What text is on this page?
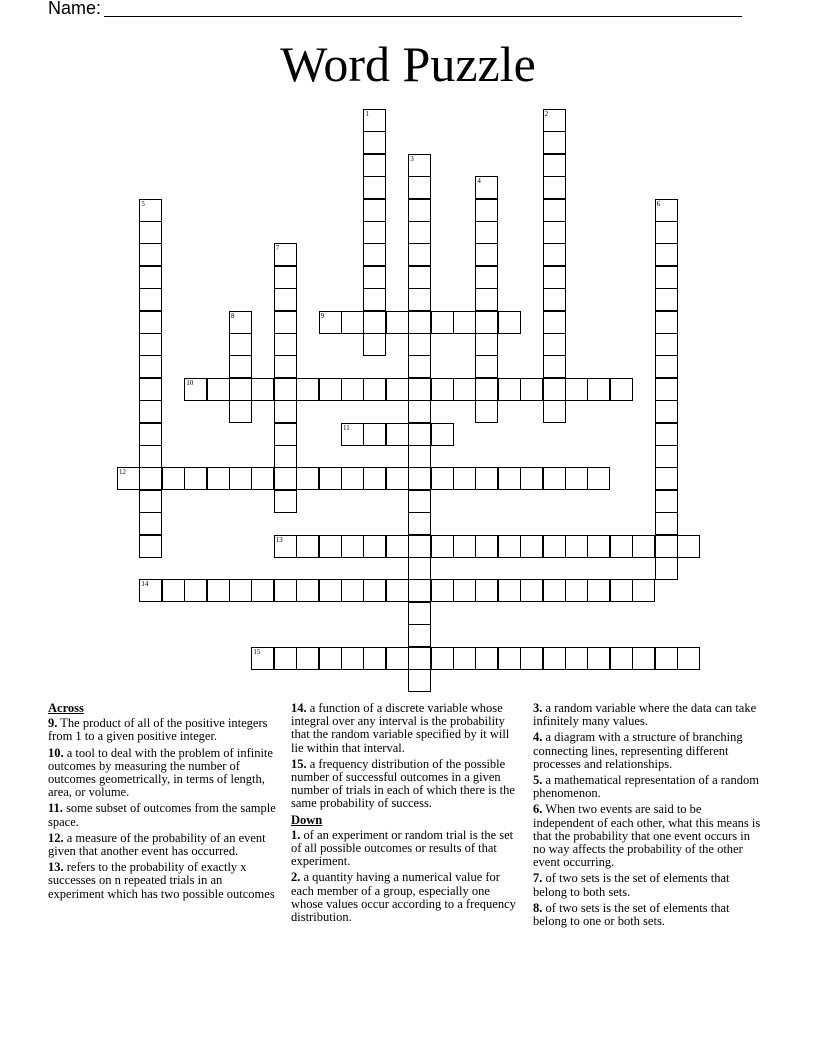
Name:
Word Puzzle
1	2
3
4
5	6
7
8	9
10
11
12
13
14
15
Across
9. The product of all of the positive integers from 1 to a given positive integer.
10. a tool to deal with the problem of infinite outcomes by measuring the number of outcomes geometrically, in terms of length, area, or volume.
11. some subset of outcomes from the sample space.
12. a measure of the probability of an event given that another event has occurred.
13. refers to the probability of exactly x successes on n repeated trials in an experiment which has two possible outcomes
14. a function of a discrete variable whose integral over any interval is the probability that the random variable specified by it will lie within that interval.
15. a frequency distribution of the possible number of successful outcomes in a given number of trials in each of which there is the same probability of success.
Down
1. of an experiment or random trial is the set of all possible outcomes or results of that experiment.
2. a quantity having a numerical value for each member of a group, especially one whose values occur according to a frequency distribution.
3. a random variable where the data can take infinitely many values.
4. a diagram with a structure of branching connecting lines, representing different processes and relationships.
5. a mathematical representation of a random phenomenon.
6. When two events are said to be independent of each other, what this means is that the probability that one event occurs in no way affects the probability of the other event occurring.
7. of two sets is the set of elements that belong to both sets.
8. of two sets is the set of elements that belong to one or both sets.
